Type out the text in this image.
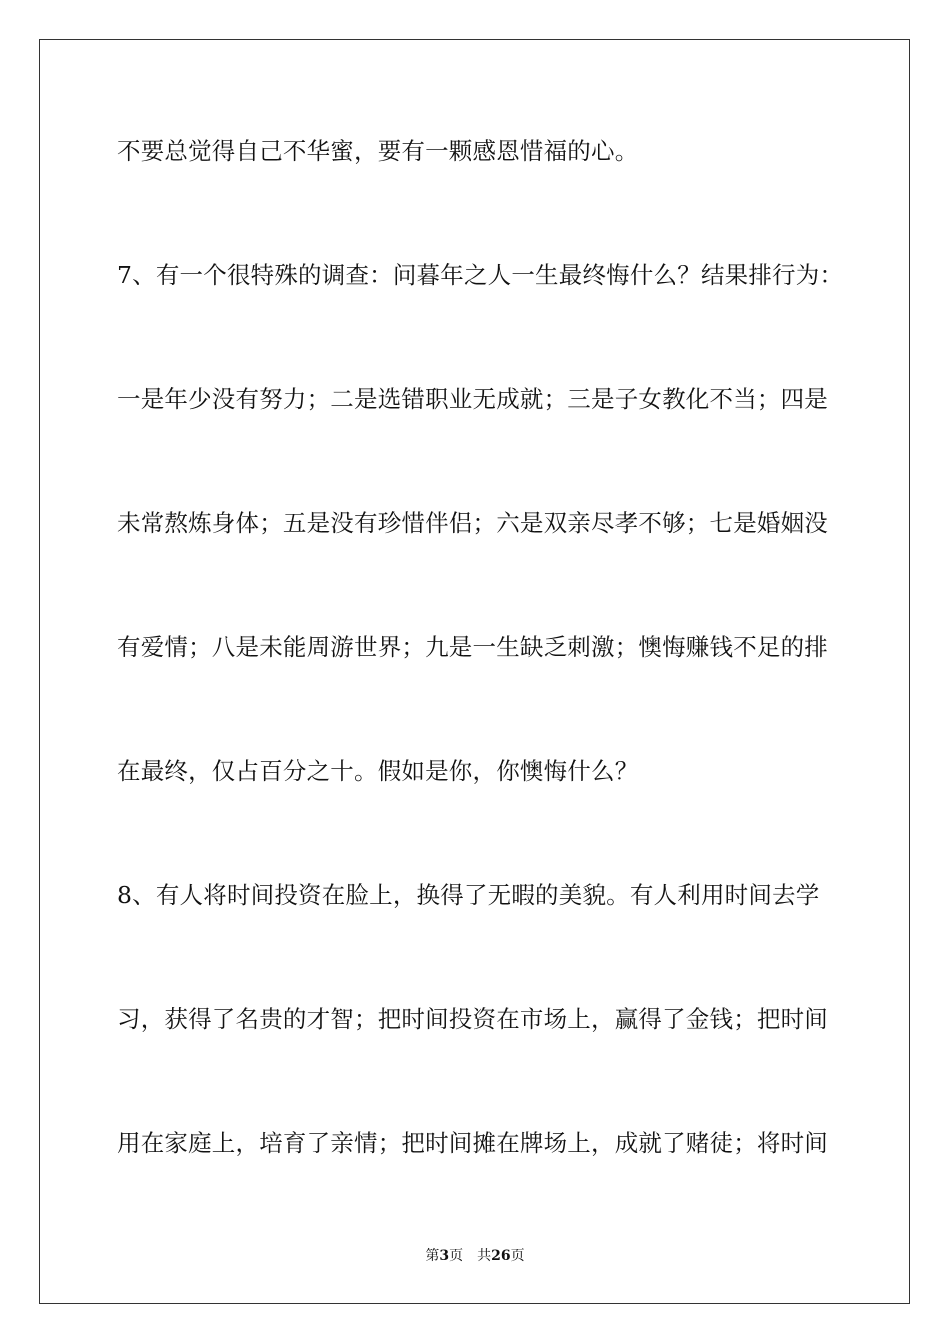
不要总觉得自己不华蜜，要有一颗感恩惜福的心。
7、有一个很特殊的调查：问暮年之人一生最终悔什么？结果排行为：
一是年少没有努力；二是选错职业无成就；三是子女教化不当；四是
未常熬炼身体；五是没有珍惜伴侣；六是双亲尽孝不够；七是婚姻没
有爱情；八是未能周游世界；九是一生缺乏刺激；懊悔赚钱不足的排
在最终，仅占百分之十。假如是你，你懊悔什么？
8、有人将时间投资在脸上，换得了无暇的美貌。有人利用时间去学
习，获得了名贵的才智；把时间投资在市场上，赢得了金钱；把时间
用在家庭上，培育了亲情；把时间摊在牌场上，成就了赌徒；将时间
第3页 共26页
